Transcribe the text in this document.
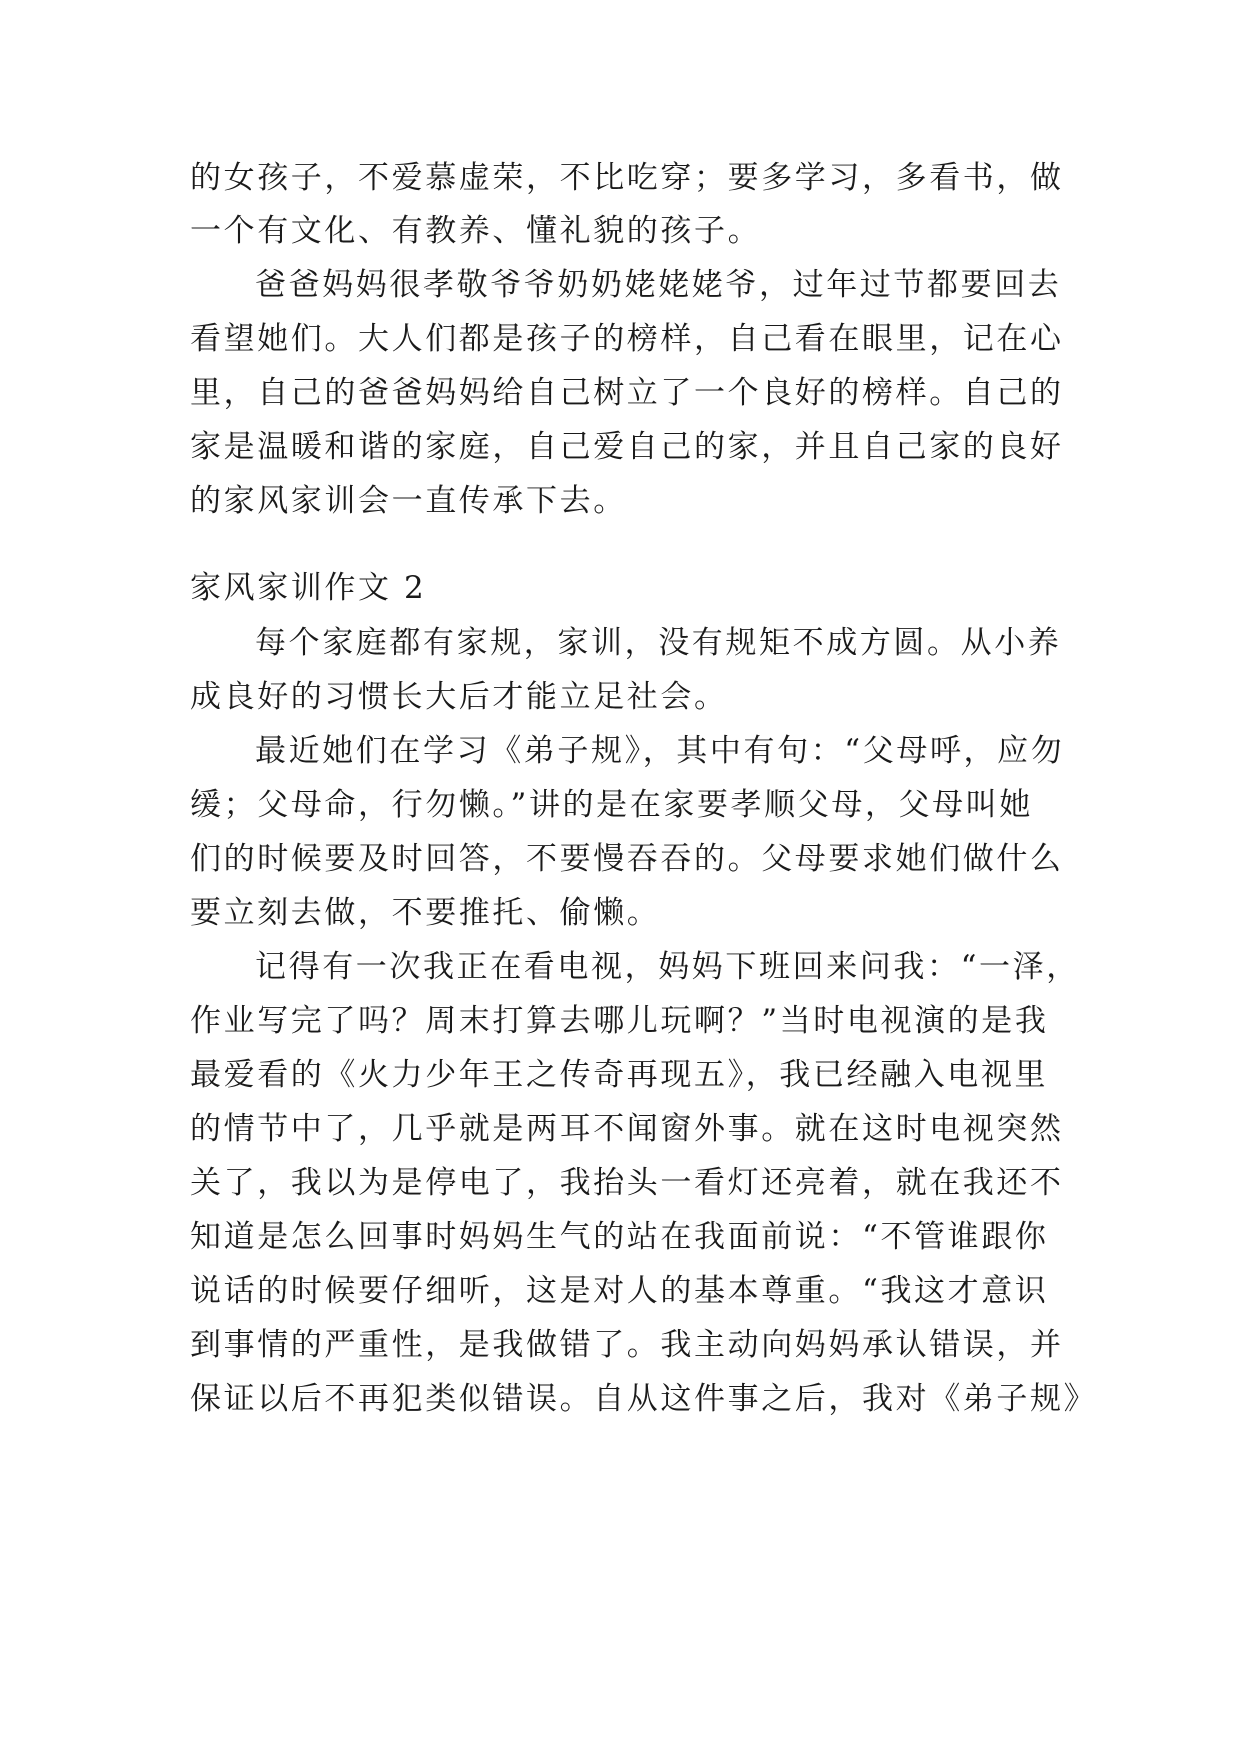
的女孩子，不爱慕虚荣，不比吃穿；要多学习，多看书，做
一个有文化、有教养、懂礼貌的孩子。
爸爸妈妈很孝敬爷爷奶奶姥姥姥爷，过年过节都要回去
看望她们。大人们都是孩子的榜样，自己看在眼里，记在心
里，自己的爸爸妈妈给自己树立了一个良好的榜样。自己的
家是温暖和谐的家庭，自己爱自己的家，并且自己家的良好
的家风家训会一直传承下去。
家风家训作文 2
每个家庭都有家规，家训，没有规矩不成方圆。从小养
成良好的习惯长大后才能立足社会。
最近她们在学习《弟子规》，其中有句：“父母呼，应勿
缓；父母命，行勿懒。”讲的是在家要孝顺父母，父母叫她
们的时候要及时回答，不要慢吞吞的。父母要求她们做什么
要立刻去做，不要推托、偷懒。
记得有一次我正在看电视，妈妈下班回来问我：“一泽，
作业写完了吗？周末打算去哪儿玩啊？”当时电视演的是我
最爱看的《火力少年王之传奇再现五》，我已经融入电视里
的情节中了，几乎就是两耳不闻窗外事。就在这时电视突然
关了，我以为是停电了，我抬头一看灯还亮着，就在我还不
知道是怎么回事时妈妈生气的站在我面前说：“不管谁跟你
说话的时候要仔细听，这是对人的基本尊重。“我这才意识
到事情的严重性，是我做错了。我主动向妈妈承认错误，并
保证以后不再犯类似错误。自从这件事之后，我对《弟子规》
